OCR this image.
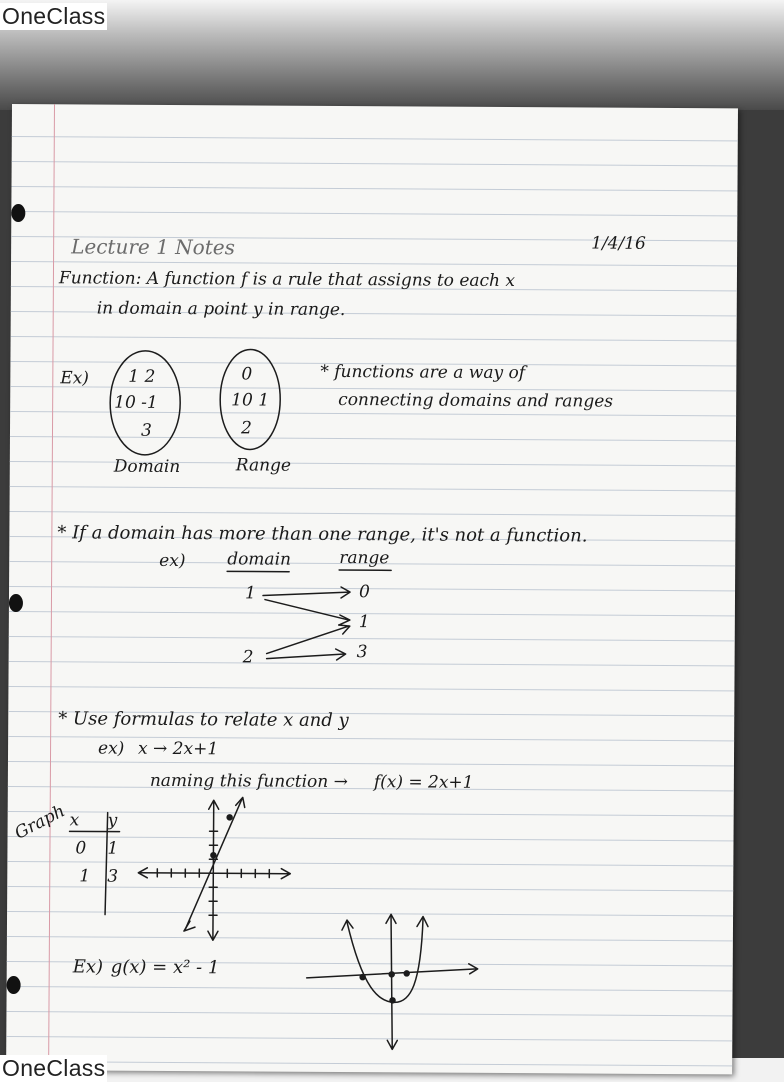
Lecture 1 Notes	1/4/16
Function: A function f is a rule that assigns to each x
in domain a point y in range.
Ex) 1 2
10 -1
3
0
10 1
2
Domain	Range
* functions are a way of
connecting domains and ranges
* If a domain has more than one range, it's not a function.
ex) domain	range
1
2
0
1
3
* Use formulas to relate x and y
ex) x → 2x+1
naming this function → f(x) = 2x+1
Graph x y
0 1
1 3
Ex) g(x) = x² - 1
OneClass
OneClass
